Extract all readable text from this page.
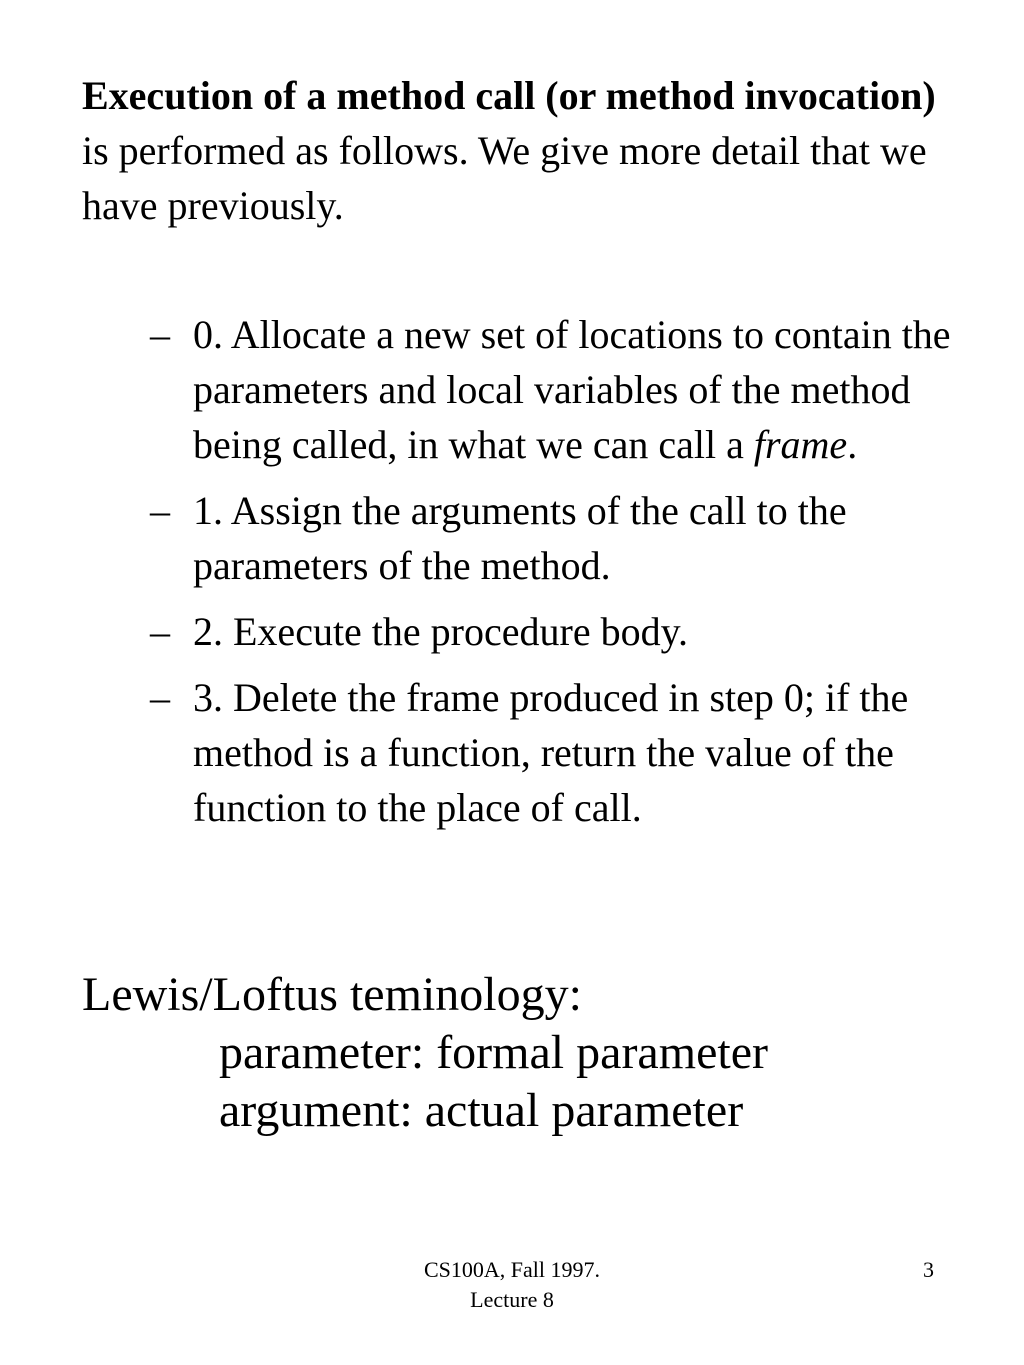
Execution of a method call (or method invocation)  is performed as follows. We give more detail that we have previously.
– 0. Allocate a new set of locations to contain the parameters and local variables of the method being called, in what we can call a frame.
– 1. Assign the arguments of the call to the parameters of the method.
– 2. Execute the procedure body.
– 3. Delete the frame produced in step 0; if the method is a function, return the value of the function to the place of call.
Lewis/Loftus teminology:
parameter: formal parameter
argument: actual parameter
CS100A, Fall 1997.
Lecture 8
3
